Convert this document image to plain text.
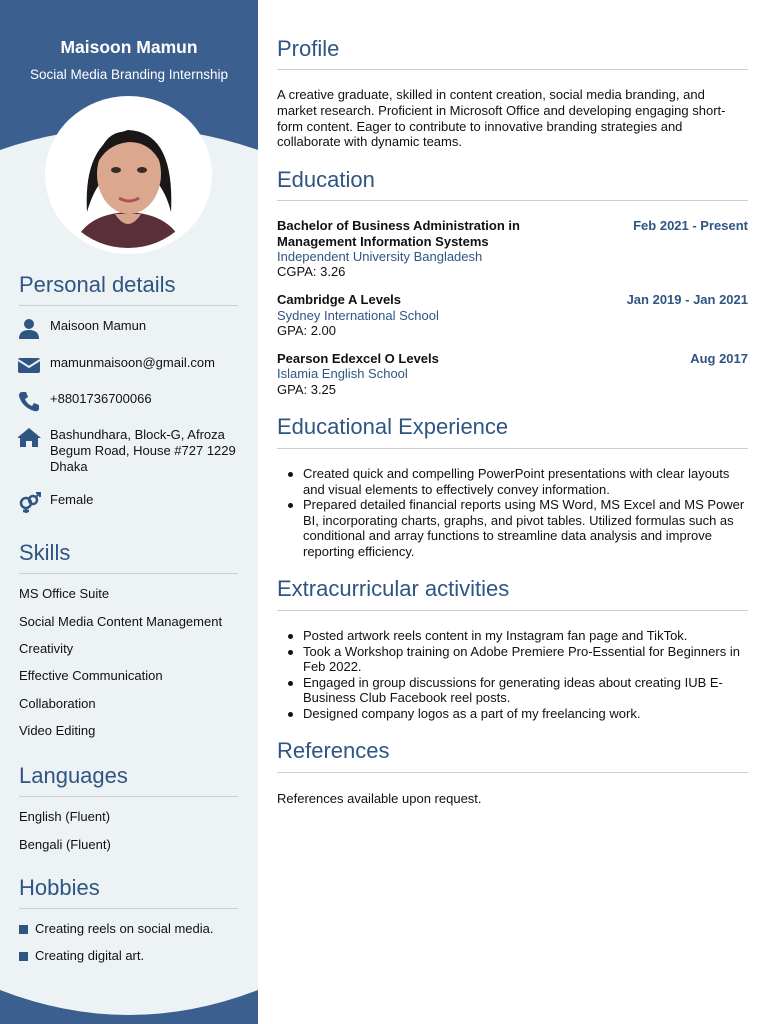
Maisoon Mamun
Social Media Branding Internship
Personal details
Maisoon Mamun
mamunmaisoon@gmail.com
+8801736700066
Bashundhara, Block-G, Afroza Begum Road, House #727 1229 Dhaka
Female
Skills
MS Office Suite
Social Media Content Management
Creativity
Effective Communication
Collaboration
Video Editing
Languages
English (Fluent)
Bengali (Fluent)
Hobbies
Creating reels on social media.
Creating digital art.
Profile
A creative graduate, skilled in content creation, social media branding, and market research. Proficient in Microsoft Office and developing engaging short-form content. Eager to contribute to innovative branding strategies and collaborate with dynamic teams.
Education
Bachelor of Business Administration in Management Information Systems
Feb 2021 - Present
Independent University Bangladesh
CGPA: 3.26
Cambridge A Levels	Jan 2019 - Jan 2021
Sydney International School
GPA: 2.00
Pearson Edexcel O Levels	Aug 2017
Islamia English School
GPA: 3.25
Educational Experience
Created quick and compelling PowerPoint presentations with clear layouts and visual elements to effectively convey information.
Prepared detailed financial reports using MS Word, MS Excel and MS Power BI, incorporating charts, graphs, and pivot tables. Utilized formulas such as conditional and array functions to streamline data analysis and improve reporting efficiency.
Extracurricular activities
Posted artwork reels content in my Instagram fan page and TikTok.
Took a Workshop training on Adobe Premiere Pro-Essential for Beginners in Feb 2022.
Engaged in group discussions for generating ideas about creating IUB E-Business Club Facebook reel posts.
Designed company logos as a part of my freelancing work.
References
References available upon request.
